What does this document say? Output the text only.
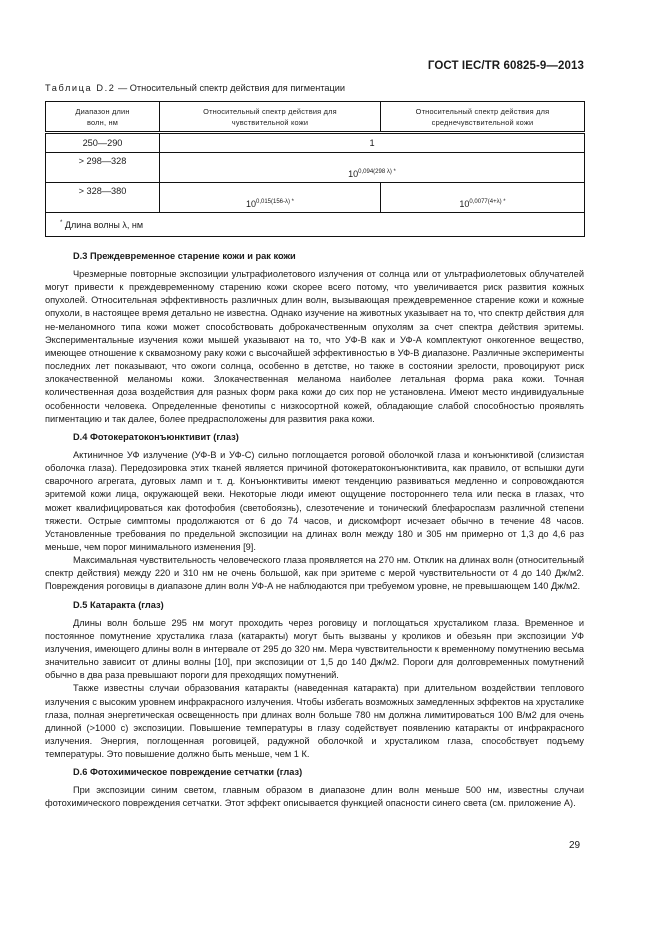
ГОСТ IEC/TR 60825-9—2013
Таблица D.2 — Относительный спектр действия для пигментации
Диапазон длин волн, нм	Относительный спектр действия для чувствительной кожи	Относительный спектр действия для среднечувствительной кожи
250—290	1	
> 298—328	$10^{0,094(298 \lambda) *}$
> 328—380	$10^{0,015(156-\lambda) *}$	$10^{0,0077(4+\lambda) *}$
* Длина волны λ, нм		
D.3 Преждевременное старение кожи и рак кожи

Чрезмерные повторные экспозиции ультрафиолетового излучения от солнца или от ультрафиолетовых облучателей могут привести к преждевременному старению кожи скорее всего потому, что увеличивается риск развития кожных опухолей. Относительная эффективность различных длин волн, вызывающая преждевременное старение кожи и кожные опухоли, в настоящее время детально не известна. Однако изучение на животных указывает на то, что спектр действия для не-меланомного типа кожи может способствовать доброкачественным опухолям за счет спектра действия эритемы. Экспериментальные изучения кожи мышей указывают на то, что УФ-В как и УФ-А комплектуют онкогенное вещество, имеющее отношение к сквамозному раку кожи с высочайшей эффективностью в УФ-В диапазоне. Различные эксперименты последних лет показывают, что ожоги солнца, особенно в детстве, но также в состоянии зрелости, провоцируют риск злокачественной меланомы кожи. Злокачественная меланома наиболее летальная форма рака кожи. Точная количественная доза воздействия для разных форм рака кожи до сих пор не установлена. Имеют место индивидуальные особенности человека. Определенные фенотипы с низкосортной кожей, обладающие слабой способностью проявлять пигментацию и так далее, более предрасположены для развития рака кожи.

D.4 Фотокератоконъюнктивит (глаз)

Актиничное УФ излучение (УФ-В и УФ-С) сильно поглощается роговой оболочкой глаза и конъюнктивой (слизистая оболочка глаза). Передозировка этих тканей является причиной фотокератоконъюнктивита, как правило, от вспышки дуги сварочного агрегата, дуговых ламп и т. д. Конъюнктивиты имеют тенденцию развиваться медленно и сопровождаются эритемой кожи лица, окружающей веки. Некоторые люди имеют ощущение постороннего тела или песка в глазах, что может квалифицироваться как фотофобия (светобоязнь), слезотечение и тонический блефароспазм различной степени тяжести. Острые симптомы продолжаются от 6 до 74 часов, и дискомфорт исчезает обычно в течение 48 часов. Установленные требования по предельной экспозиции на длинах волн между 180 и 305 нм примерно от 1,3 до 4,6 раз меньше, чем порог минимального изменения [9].

Максимальная чувствительность человеческого глаза проявляется на 270 нм. Отклик на длинах волн (относительный спектр действия) между 220 и 310 нм не очень большой, как при эритеме с мерой чувствительности от 4 до 140 Дж/м2. Повреждения роговицы в диапазоне длин волн УФ-А не наблюдаются при требуемом уровне, не превышающем 140 Дж/м2.

D.5 Катаракта (глаз)

Длины волн больше 295 нм могут проходить через роговицу и поглощаться хрусталиком глаза. Временное и постоянное помутнение хрусталика глаза (катаракты) могут быть вызваны у кроликов и обезьян при экспозиции УФ излучения, имеющего длины волн в интервале от 295 до 320 нм. Мера чувствительности к временному помутнению весьма значительно зависит от длины волны [10], при экспозиции от 1,5 до 140 Дж/м2. Пороги для долговременных помутнений обычно в два раза превышают пороги для преходящих помутнений.

Также известны случаи образования катаракты (наведенная катаракта) при длительном воздействии теплового излучения с высоким уровнем инфракрасного излучения. Чтобы избегать возможных замедленных эффектов на хрусталике глаза, полная энергетическая освещенность при длинах волн больше 780 нм должна лимитироваться 100 В/м2 для очень длинной (>1000 с) экспозиции. Повышение температуры в глазу содействует появлению катаракты от инфракрасного излучения. Энергия, поглощенная роговицей, радужной оболочкой и хрусталиком глаза, способствует подъему температуры. Это повышение должно быть меньше, чем 1 К.

D.6 Фотохимическое повреждение сетчатки (глаз)

При экспозиции синим светом, главным образом в диапазоне длин волн меньше 500 нм, известны случаи фотохимического повреждения сетчатки. Этот эффект описывается функцией опасности синего света (см. приложение А).

29
